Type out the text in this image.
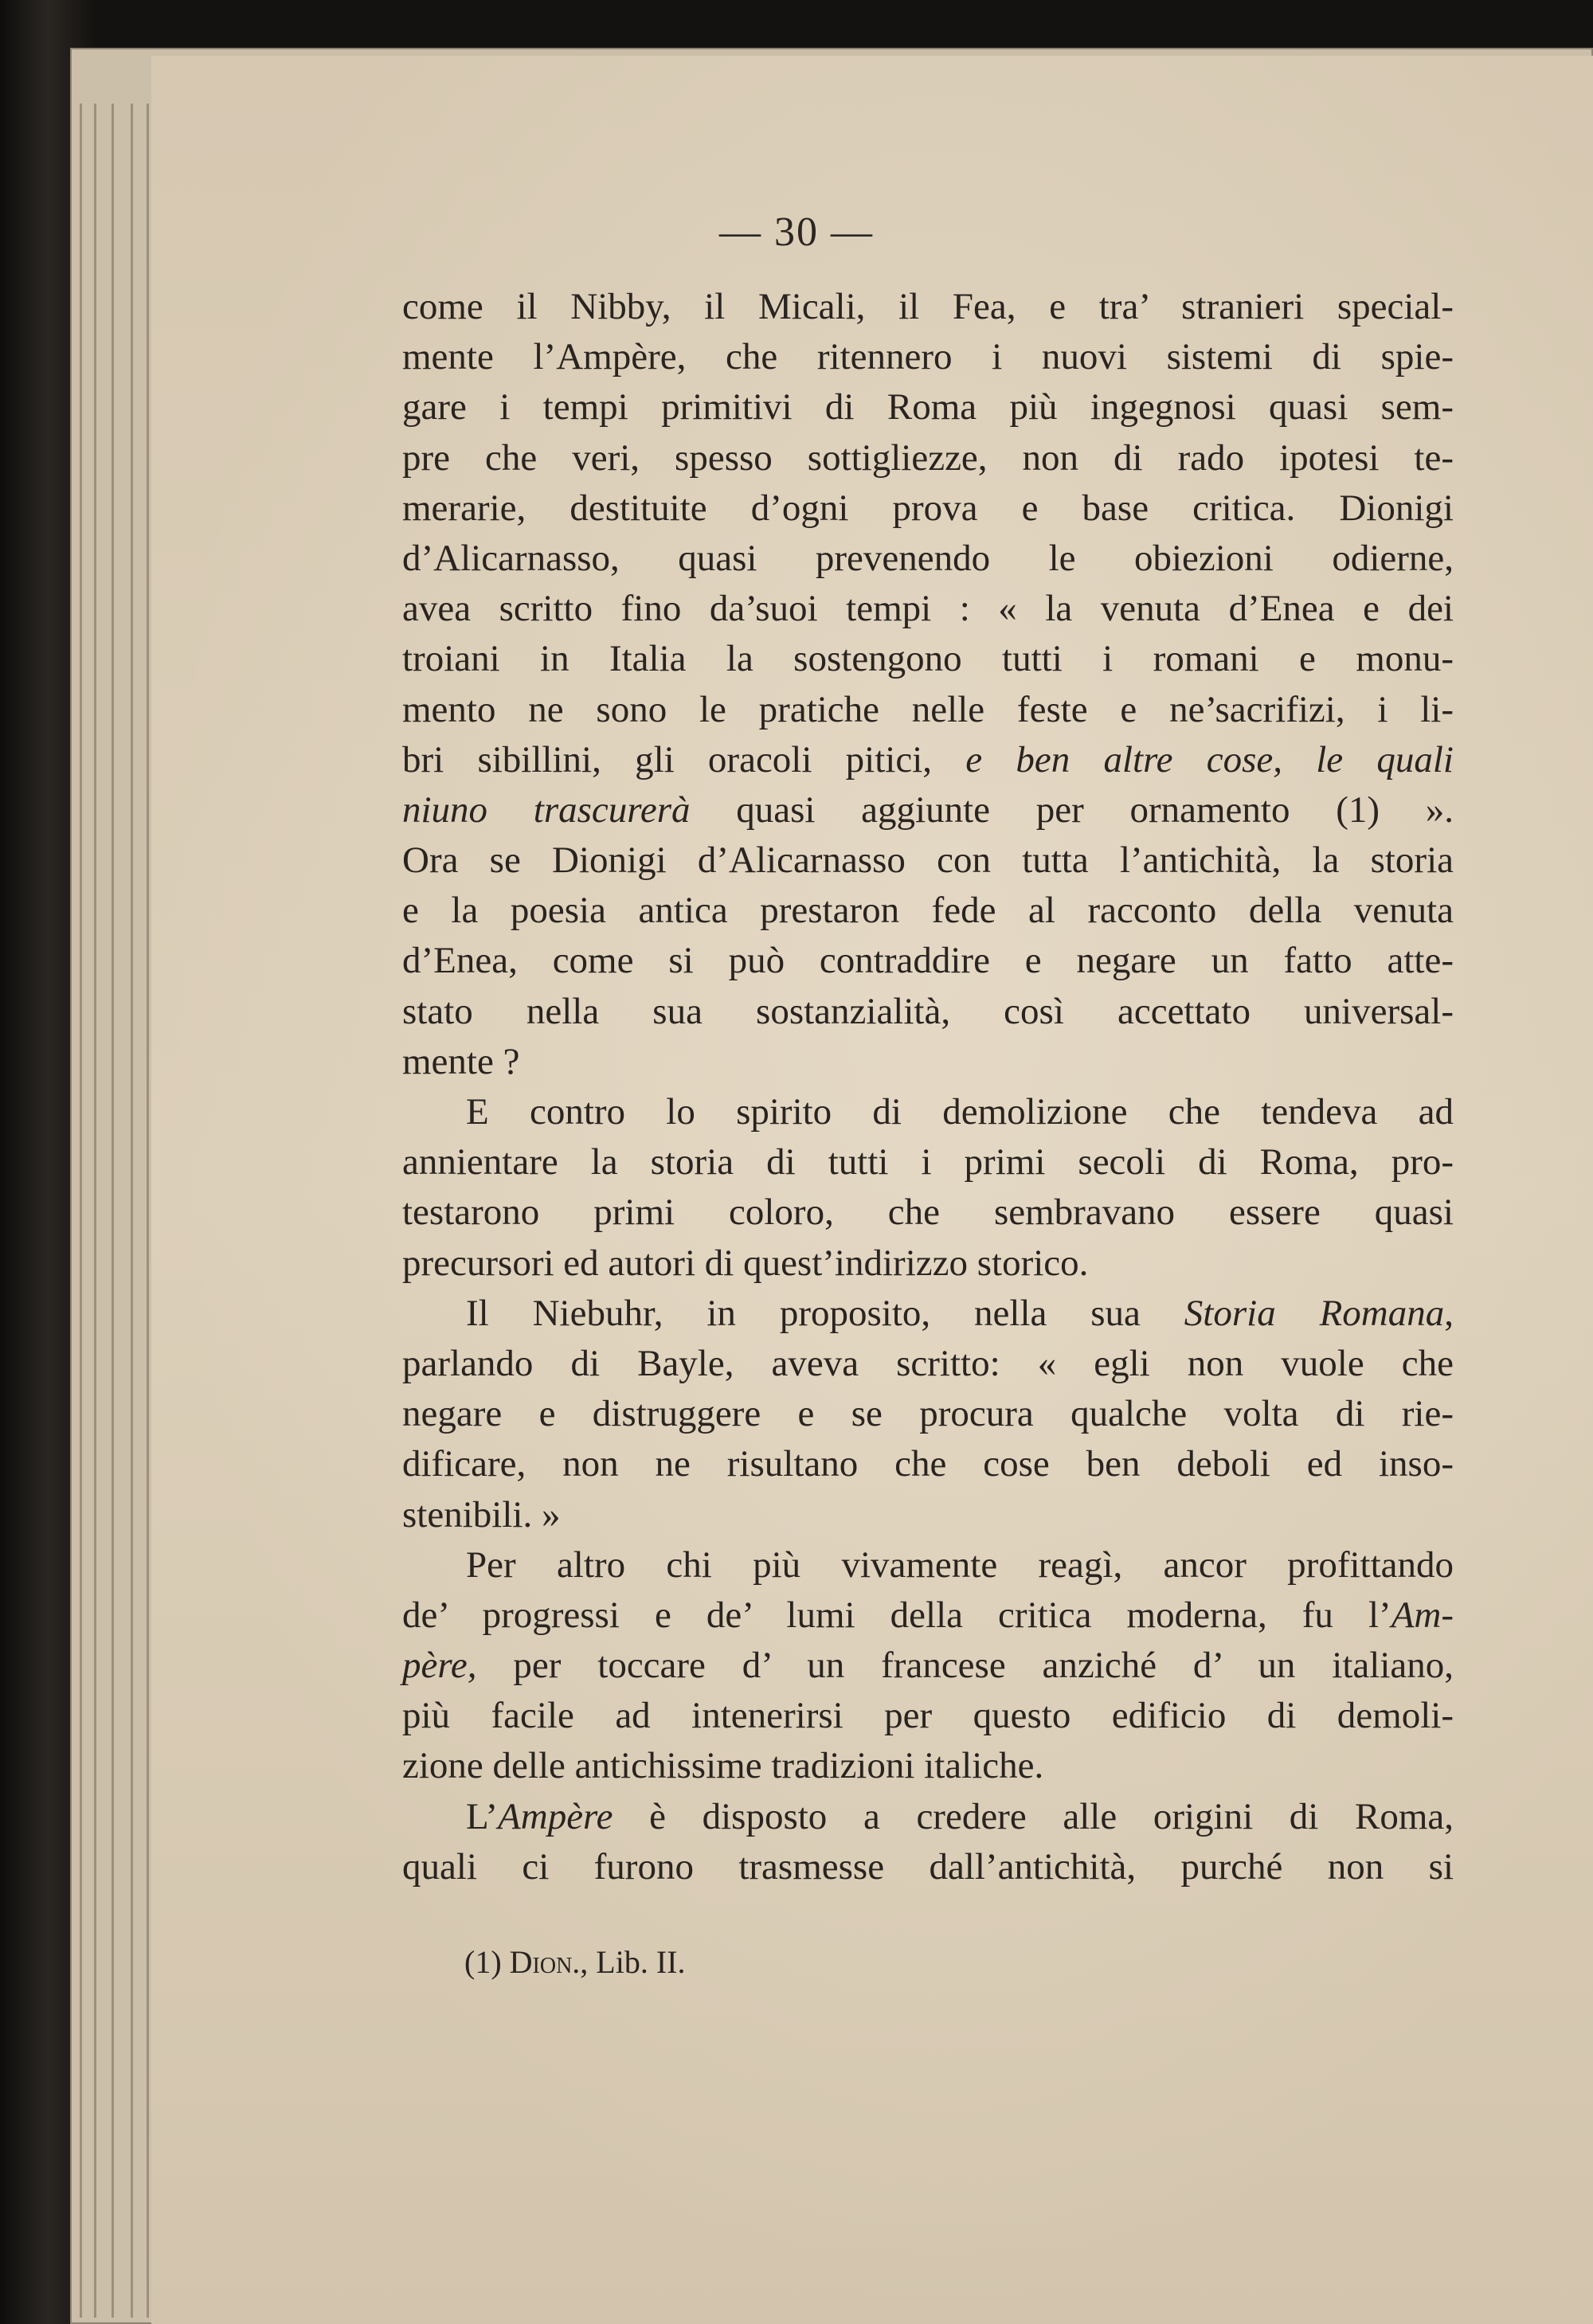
— 30 —
come il Nibby, il Micali, il Fea, e tra’ stranieri special-
mente l’Ampère, che ritennero i nuovi sistemi di spie-
gare i tempi primitivi di Roma più ingegnosi quasi sem-
pre che veri, spesso sottigliezze, non di rado ipotesi te-
merarie, destituite d’ogni prova e base critica. Dionigi
d’Alicarnasso, quasi prevenendo le obiezioni odierne,
avea scritto fino da’suoi tempi : « la venuta d’Enea e dei
troiani in Italia la sostengono tutti i romani e monu-
mento ne sono le pratiche nelle feste e ne’sacrifizi, i li-
bri sibillini, gli oracoli pitici, e ben altre cose, le quali
niuno trascurerà quasi aggiunte per ornamento (1) ».
Ora se Dionigi d’Alicarnasso con tutta l’antichità, la storia
e la poesia antica prestaron fede al racconto della venuta
d’Enea, come si può contraddire e negare un fatto atte-
stato nella sua sostanzialità, così accettato universal-
mente ?
E contro lo spirito di demolizione che tendeva ad
annientare la storia di tutti i primi secoli di Roma, pro-
testarono primi coloro, che sembravano essere quasi
precursori ed autori di quest’indirizzo storico.
Il Niebuhr, in proposito, nella sua Storia Romana,
parlando di Bayle, aveva scritto: « egli non vuole che
negare e distruggere e se procura qualche volta di rie-
dificare, non ne risultano che cose ben deboli ed inso-
stenibili. »
Per altro chi più vivamente reagì, ancor profittando
de’ progressi e de’ lumi della critica moderna, fu l’Am-
père, per toccare d’ un francese anziché d’ un italiano,
più facile ad intenerirsi per questo edificio di demoli-
zione delle antichissime tradizioni italiche.
L’Ampère è disposto a credere alle origini di Roma,
quali ci furono trasmesse dall’antichità, purché non si
(1) Dion., Lib. II.
